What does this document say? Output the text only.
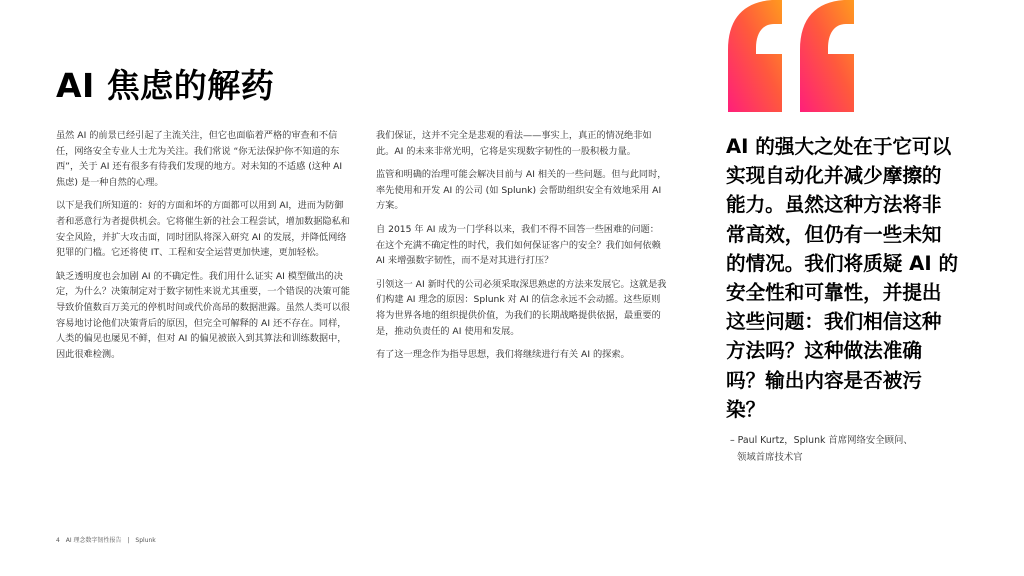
AI 焦虑的解药

虽然 AI 的前景已经引起了主流关注，但它也面临着严格的审查和不信任，网络安全专业人士尤为关注。我们常说 “你无法保护你不知道的东西”，关于 AI 还有很多有待我们发现的地方。对未知的不适感 (这种 AI 焦虑) 是一种自然的心理。

以下是我们所知道的：好的方面和坏的方面都可以用到 AI，进而为防御者和恶意行为者提供机会。它将催生新的社会工程尝试，增加数据隐私和安全风险，并扩大攻击面，同时团队将深入研究 AI 的发展，并降低网络犯罪的门槛。它还将使 IT、工程和安全运营更加快速，更加轻松。

缺乏透明度也会加剧 AI 的不确定性。我们用什么证实 AI 模型做出的决定，为什么？决策制定对于数字韧性来说尤其重要，一个错误的决策可能导致价值数百万美元的停机时间或代价高昂的数据泄露。虽然人类可以很容易地讨论他们决策背后的原因，但完全可解释的 AI 还不存在。同样，人类的偏见也屡见不鲜，但对 AI 的偏见被嵌入到其算法和训练数据中，因此很难检测。

我们保证，这并不完全是悲观的看法——事实上，真正的情况绝非如此。AI 的未来非常光明，它将是实现数字韧性的一股积极力量。

监管和明确的治理可能会解决目前与 AI 相关的一些问题。但与此同时，率先使用和开发 AI 的公司 (如 Splunk) 会帮助组织安全有效地采用 AI 方案。

自 2015 年 AI 成为一门学科以来，我们不得不回答一些困难的问题：在这个充满不确定性的时代，我们如何保证客户的安全？我们如何依赖 AI 来增强数字韧性，而不是对其进行打压？

引领这一 AI 新时代的公司必须采取深思熟虑的方法来发展它。这就是我们构建 AI 理念的原因：Splunk 对 AI 的信念永远不会动摇。这些原则将为世界各地的组织提供价值，为我们的长期战略提供依据，最重要的是，推动负责任的 AI 使用和发展。

有了这一理念作为指导思想，我们将继续进行有关 AI 的探索。

AI 的强大之处在于它可以实现自动化并减少摩擦的能力。虽然这种方法将非常高效，但仍有一些未知的情况。我们将质疑 AI 的安全性和可靠性，并提出这些问题：我们相信这种方法吗？这种做法准确吗？输出内容是否被污染？
– Paul Kurtz，Splunk 首席网络安全顾问、
领域首席技术官
4 AI 理念数字韧性报告 | Splunk
